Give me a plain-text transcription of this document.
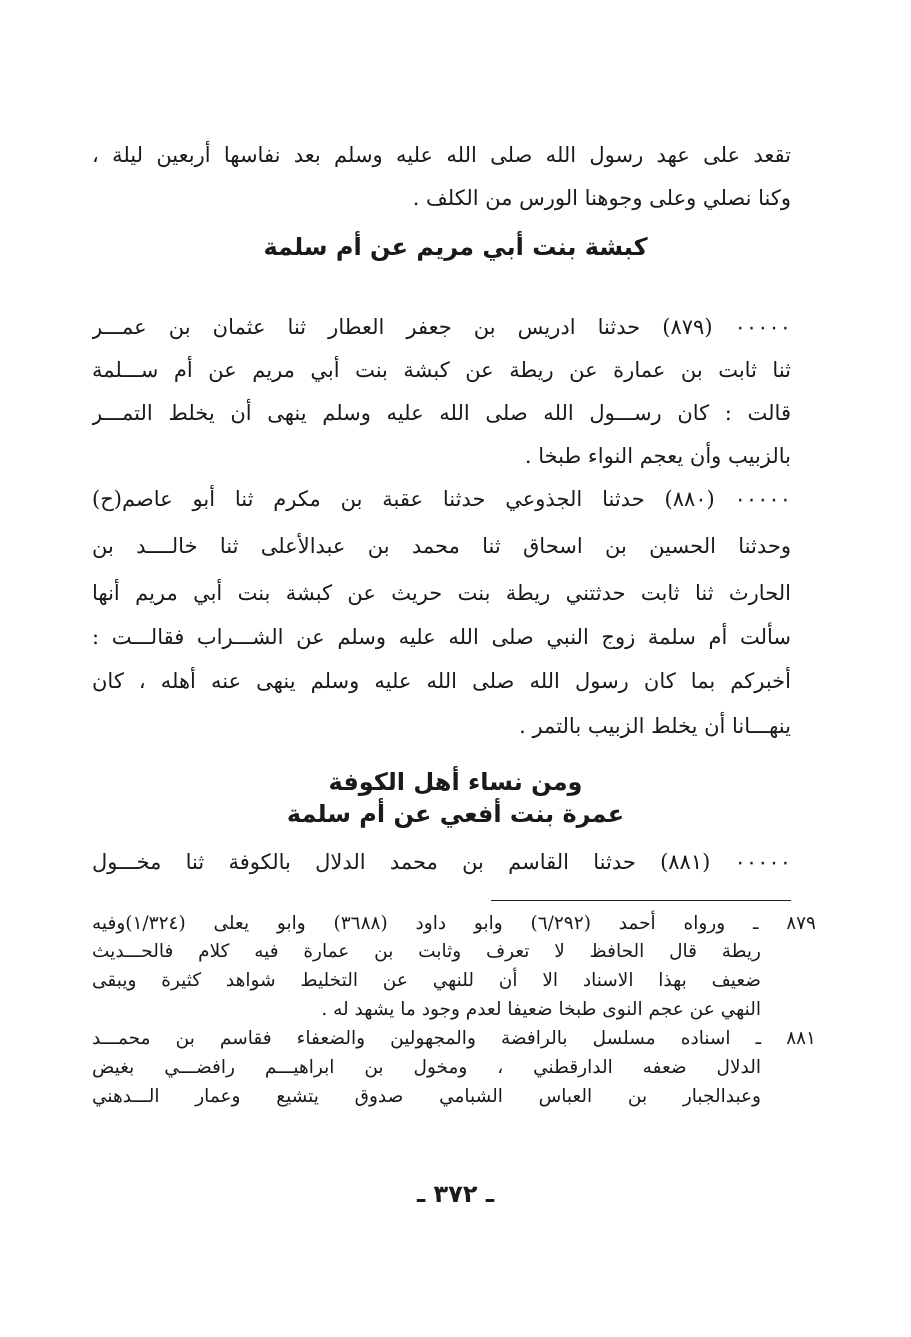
تقعد على عهد رسول الله صلى الله عليه وسلم بعد نفاسها أربعين ليلة ،
وكنا نصلي وعلى وجوهنا الورس من الكلف .
كبشة بنت أبي مريم عن أم سلمة
٠٠٠٠٠ (٨٧٩) حدثنا ادريس بن جعفر العطار ثنا عثمان بن عمـــر
ثنا ثابت بن عمارة عن ريطة عن كبشة بنت أبي مريم عن أم ســـلمة
قالت : كان رســـول الله صلى الله عليه وسلم ينهى أن يخلط التمـــر
بالزبيب وأن يعجم النواء طبخا .
٠٠٠٠٠ (٨٨٠) حدثنا الجذوعي حدثنا عقبة بن مكرم ثنا أبو عاصم(ح)
وحدثنا الحسين بن اسحاق ثنا محمد بن عبدالأعلى ثنا خالــــد بن
الحارث ثنا ثابت حدثتني ريطة بنت حريث عن كبشة بنت أبي مريم أنها
سألت أم سلمة زوج النبي صلى الله عليه وسلم عن الشـــراب فقالـــت :
أخبركم بما كان رسول الله صلى الله عليه وسلم ينهى عنه أهله ، كان
ينهـــانا أن يخلط الزبيب بالتمر .
ومن نساء أهل الكوفة
عمرة بنت أفعي عن أم سلمة
٠٠٠٠٠ (٨٨١) حدثنا القاسم بن محمد الدلال بالكوفة ثنا مخـــول
٨٧٩ ـ ورواه أحمد (٦/٢٩٢) وابو داود (٣٦٨٨) وابو يعلى (١/٣٢٤)وفيه
ريطة قال الحافظ لا تعرف وثابت بن عمارة فيه كلام فالحـــديث
ضعيف بهذا الاسناد الا أن للنهي عن التخليط شواهد كثيرة ويبقى
النهي عن عجم النوى طبخا ضعيفا لعدم وجود ما يشهد له .
٨٨١ ـ اسناده مسلسل بالرافضة والمجهولين والضعفاء فقاسم بن محمـــد
الدلال ضعفه الدارقطني ، ومخول بن ابراهيـــم رافضـــي بغيض
وعبدالجبار بن العباس الشبامي صدوق يتشيع وعمار الـــدهني
ـ ٣٧٢ ـ
